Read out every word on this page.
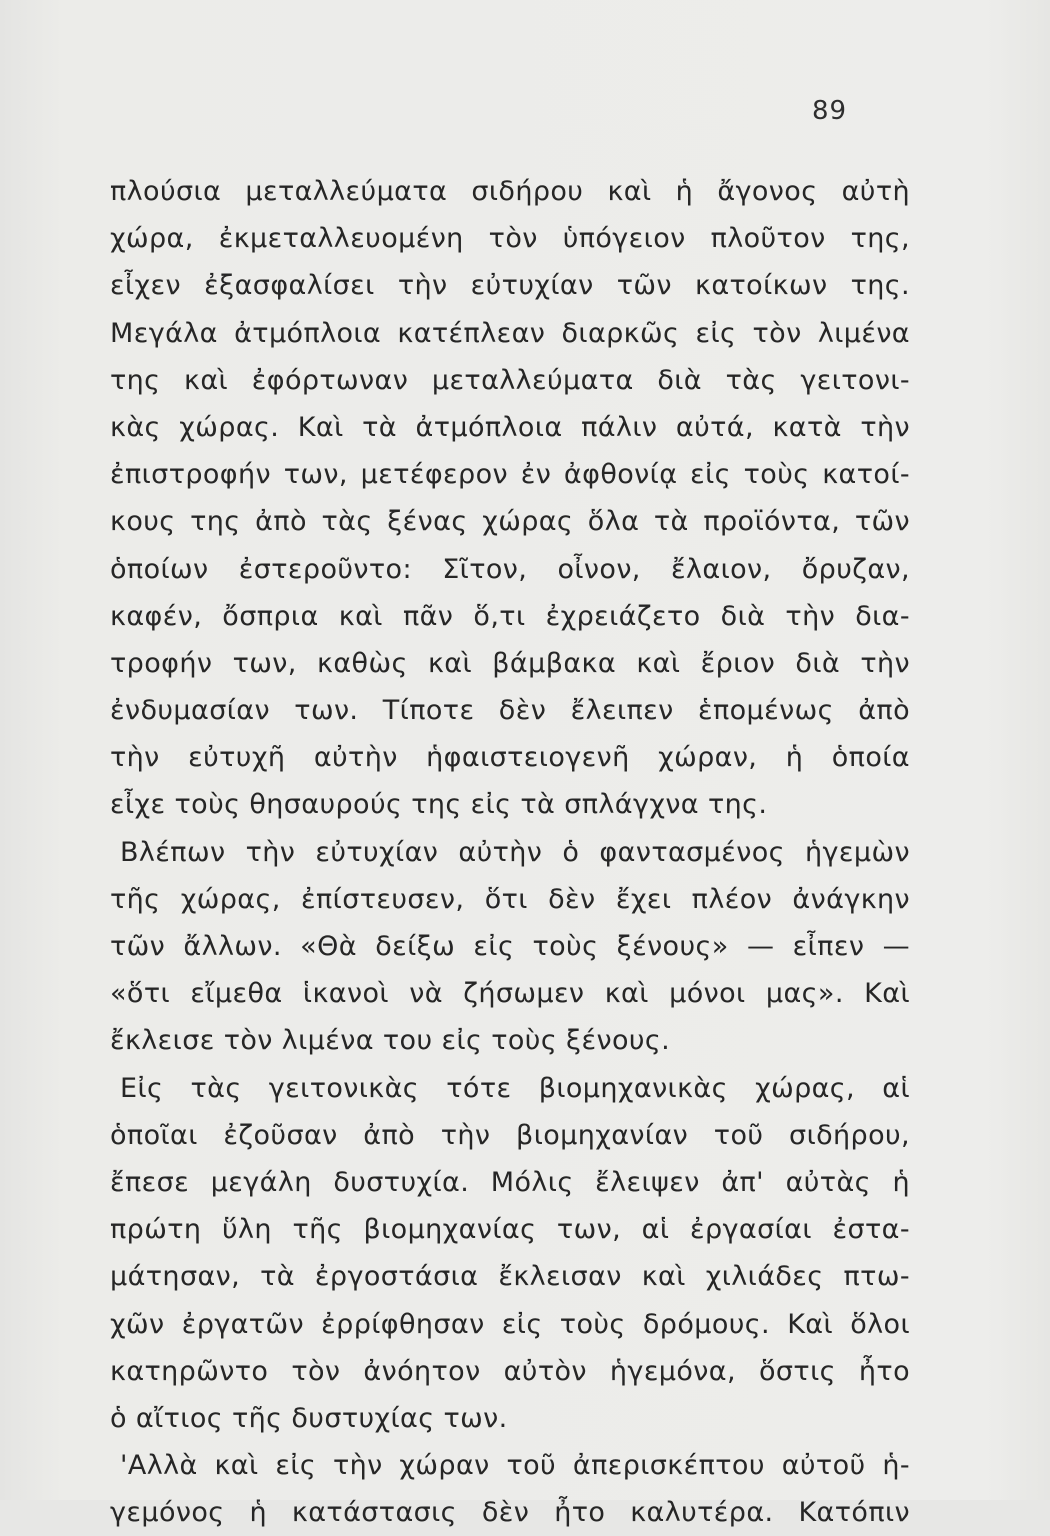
89
πλούσια μεταλλεύματα σιδήρου καὶ ἡ ἄγονος αὐτὴ
χώρα, ἐκμεταλλευομένη τὸν ὑπόγειον πλοῦτον της,
εἶχεν ἐξασφαλίσει τὴν εὐτυχίαν τῶν κατοίκων της.
Μεγάλα ἀτμόπλοια κατέπλεαν διαρκῶς εἰς τὸν λιμένα
της καὶ ἐφόρτωναν μεταλλεύματα διὰ τὰς γειτονι-
κὰς χώρας. Καὶ τὰ ἀτμόπλοια πάλιν αὐτά, κατὰ τὴν
ἐπιστροφήν των, μετέφερον ἐν ἀφθονίᾳ εἰς τοὺς κατοί-
κους της ἀπὸ τὰς ξένας χώρας ὅλα τὰ προϊόντα, τῶν
ὁποίων ἐστεροῦντο: Σῖτον, οἶνον, ἔλαιον, ὄρυζαν,
καφέν, ὄσπρια καὶ πᾶν ὅ,τι ἐχρειάζετο διὰ τὴν δια-
τροφήν των, καθὼς καὶ βάμβακα καὶ ἔριον διὰ τὴν
ἐνδυμασίαν των. Τίποτε δὲν ἔλειπεν ἑπομένως ἀπὸ
τὴν εὐτυχῆ αὐτὴν ἡφαιστειογενῆ χώραν, ἡ ὁποία
εἶχε τοὺς θησαυρούς της εἰς τὰ σπλάγχνα της.
Βλέπων τὴν εὐτυχίαν αὐτὴν ὁ φαντασμένος ἡγεμὼν
τῆς χώρας, ἐπίστευσεν, ὅτι δὲν ἔχει πλέον ἀνάγκην
τῶν ἄλλων. «Θὰ δείξω εἰς τοὺς ξένους» — εἶπεν —
«ὅτι εἴμεθα ἱκανοὶ νὰ ζήσωμεν καὶ μόνοι μας». Καὶ
ἔκλεισε τὸν λιμένα του εἰς τοὺς ξένους.
Εἰς τὰς γειτονικὰς τότε βιομηχανικὰς χώρας, αἱ
ὁποῖαι ἐζοῦσαν ἀπὸ τὴν βιομηχανίαν τοῦ σιδήρου,
ἔπεσε μεγάλη δυστυχία. Μόλις ἔλειψεν ἀπ' αὐτὰς ἡ
πρώτη ὕλη τῆς βιομηχανίας των, αἱ ἐργασίαι ἐστα-
μάτησαν, τὰ ἐργοστάσια ἔκλεισαν καὶ χιλιάδες πτω-
χῶν ἐργατῶν ἐρρίφθησαν εἰς τοὺς δρόμους. Καὶ ὅλοι
κατηρῶντο τὸν ἀνόητον αὐτὸν ἡγεμόνα, ὅστις ἦτο
ὁ αἴτιος τῆς δυστυχίας των.
'Αλλὰ καὶ εἰς τὴν χώραν τοῦ ἀπερισκέπτου αὐτοῦ ἡ-
γεμόνος ἡ κατάστασις δὲν ἦτο καλυτέρα. Κατόπιν
